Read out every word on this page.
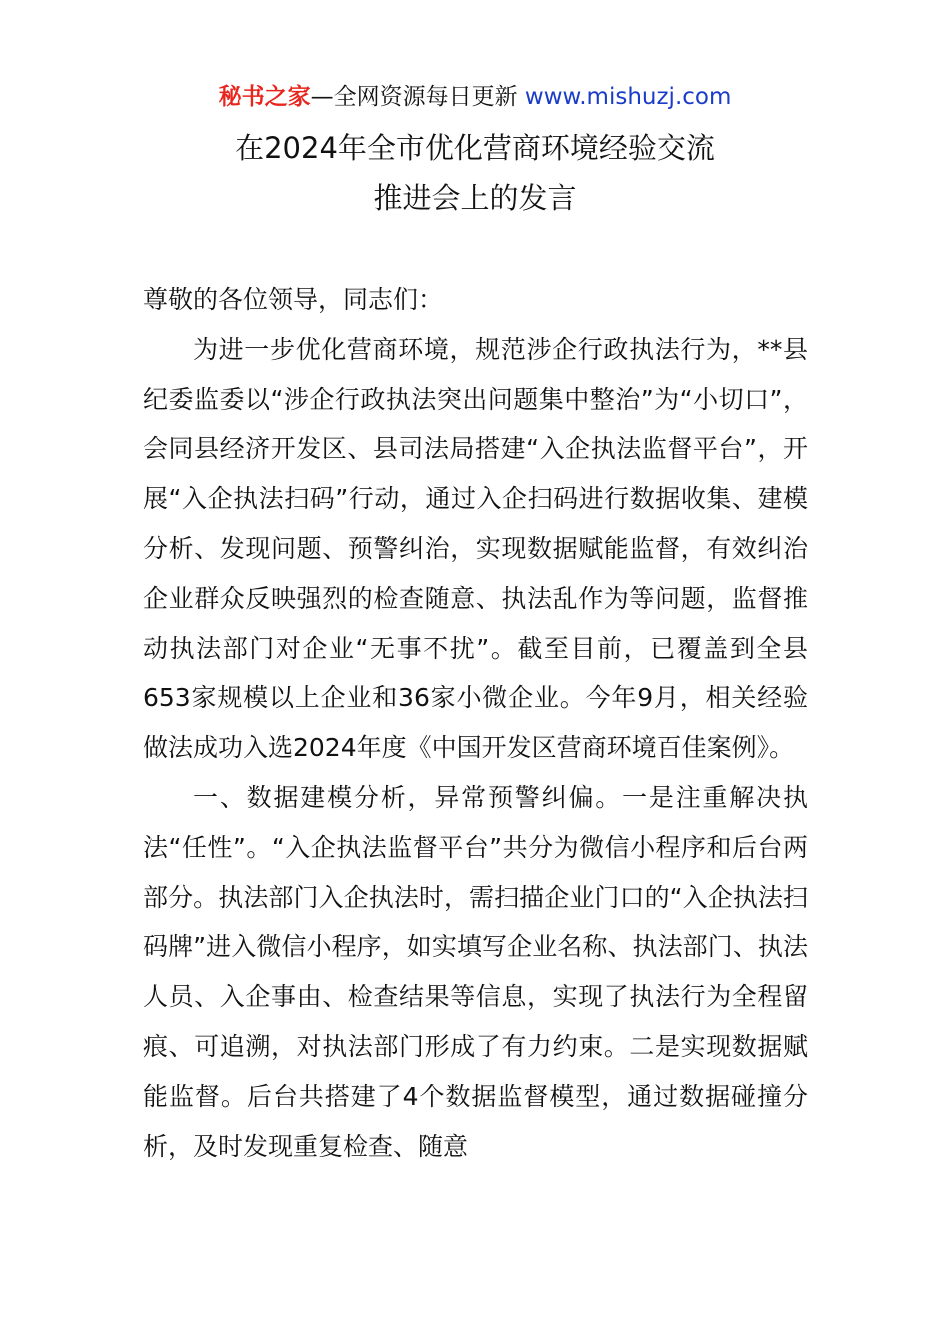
秘书之家—全网资源每日更新 www.mishuzj.com
在2024年全市优化营商环境经验交流
推进会上的发言

尊敬的各位领导，同志们：

为进一步优化营商环境，规范涉企行政执法行为，**县纪委监委以“涉企行政执法突出问题集中整治”为“小切口”，会同县经济开发区、县司法局搭建“入企执法监督平台”，开展“入企执法扫码”行动，通过入企扫码进行数据收集、建模分析、发现问题、预警纠治，实现数据赋能监督，有效纠治企业群众反映强烈的检查随意、执法乱作为等问题，监督推动执法部门对企业“无事不扰”。截至目前，已覆盖到全县653家规模以上企业和36家小微企业。今年9月，相关经验做法成功入选2024年度《中国开发区营商环境百佳案例》。

一、数据建模分析，异常预警纠偏。一是注重解决执法“任性”。“入企执法监督平台”共分为微信小程序和后台两部分。执法部门入企执法时，需扫描企业门口的“入企执法扫码牌”进入微信小程序，如实填写企业名称、执法部门、执法人员、入企事由、检查结果等信息，实现了执法行为全程留痕、可追溯，对执法部门形成了有力约束。二是实现数据赋能监督。后台共搭建了4个数据监督模型，通过数据碰撞分析，及时发现重复检查、随意
